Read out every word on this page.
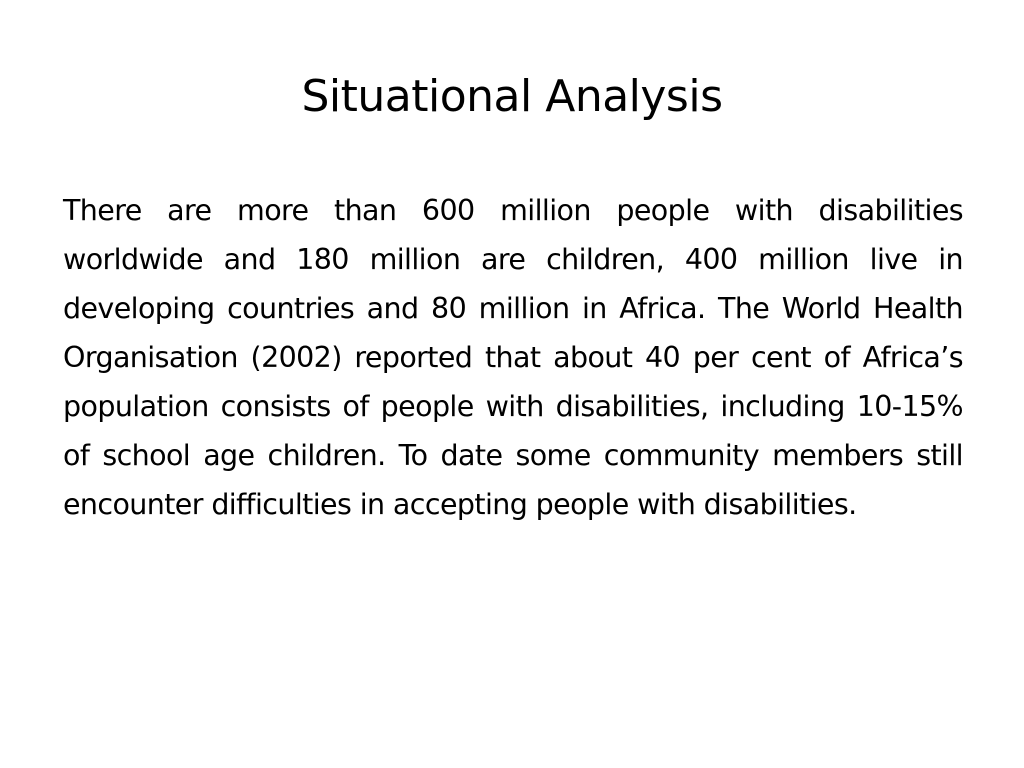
Situational Analysis

There are more than 600 million people with disabilities worldwide and 180 million are children, 400 million live in developing countries and 80 million in Africa. The World Health Organisation (2002) reported that about 40 per cent of Africa’s population consists of people with disabilities, including 10-15% of school age children. To date some community members still encounter difficulties in accepting people with disabilities.
